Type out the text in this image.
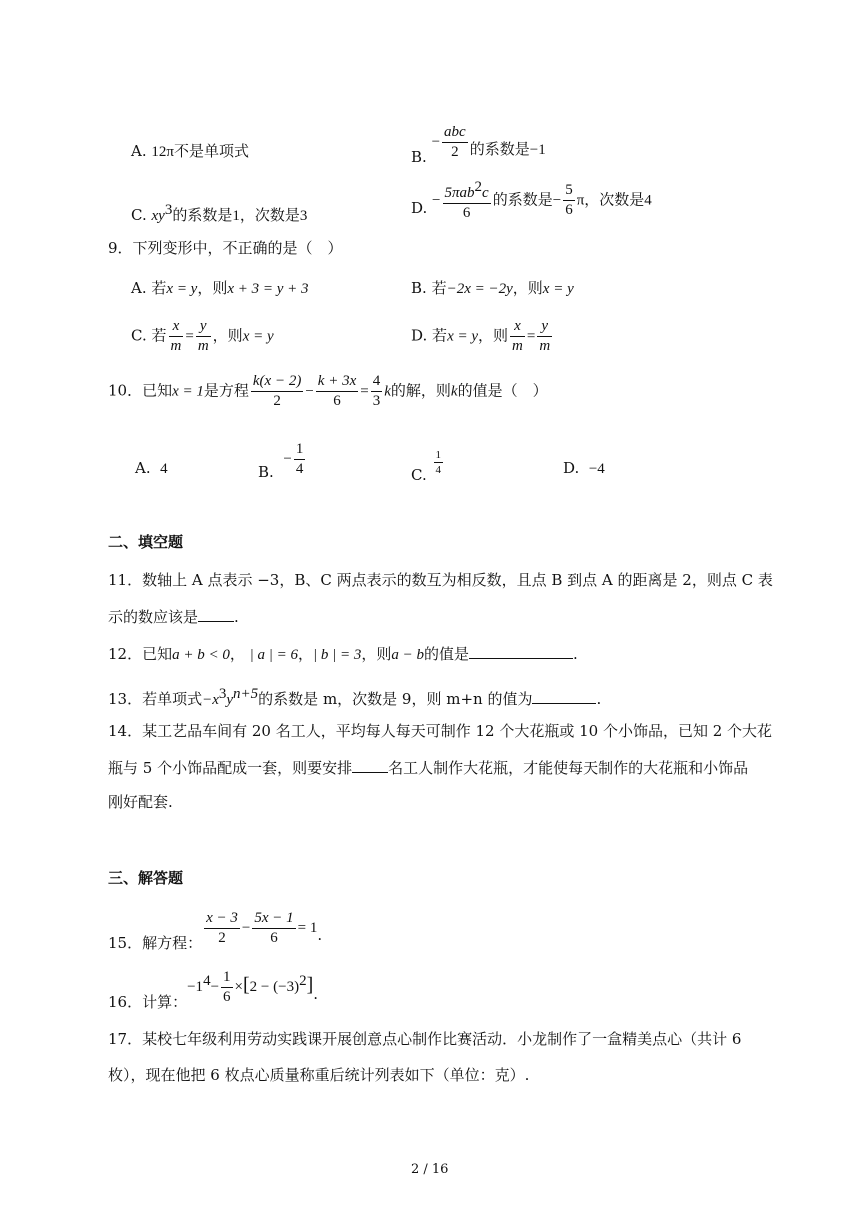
A. 12π不是单项式	B. − $\frac{\text{abc}}{2}$ 的系数是−1
C. $xy^3$的系数是1，次数是3	D. − $\frac{5\pi ab^2c}{6}$ 的系数是− $\frac{5}{6}$ π，次数是4
9．下列变形中，不正确的是（　）
A. 若x = y，则x + 3 = y + 3	B. 若−2x = −2y，则x = y
C. 若 $\frac{x}{m} = \frac{y}{m}$ ，则x = y	D. 若x = y，则 $\frac{x}{m} = \frac{y}{m}$
10．已知x = 1是方程 $\frac{k(x - 2)}{2} - \frac{k + 3x}{6} = \frac{4}{3}$ k的解，则k的值是（　）
A. 4	B.  − $\frac{1}{4}$	C. $\frac{1}{4}$	D. −4
二、填空题
11．数轴上 A 点表示 −3，B、C 两点表示的数互为相反数，且点 B 到点 A 的距离是 2，则点 C 表
示的数应该是 .
12．已知a + b < 0， | a | = 6，| b | = 3，则a − b的值是	.
13．若单项式$-x^3y^{n+5}$的系数是 m，次数是 9，则 m+n 的值为	.
14．某工艺品车间有 20 名工人，平均每人每天可制作 12 个大花瓶或 10 个小饰品，已知 2 个大花
瓶与 5 个小饰品配成一套，则要安排 名工人制作大花瓶，才能使每天制作的大花瓶和小饰品
刚好配套.
三、解答题
15．解方程： $\frac{x - 3}{2} - \frac{5x - 1}{6} = 1$.
16．计算：$-1^4- \frac{1}{6} \times[2 - (-3)^2]$.
17．某校七年级利用劳动实践课开展创意点心制作比赛活动．小龙制作了一盒精美点心（共计 6
枚），现在他把 6 枚点心质量称重后统计列表如下（单位：克）.
2 / 16
